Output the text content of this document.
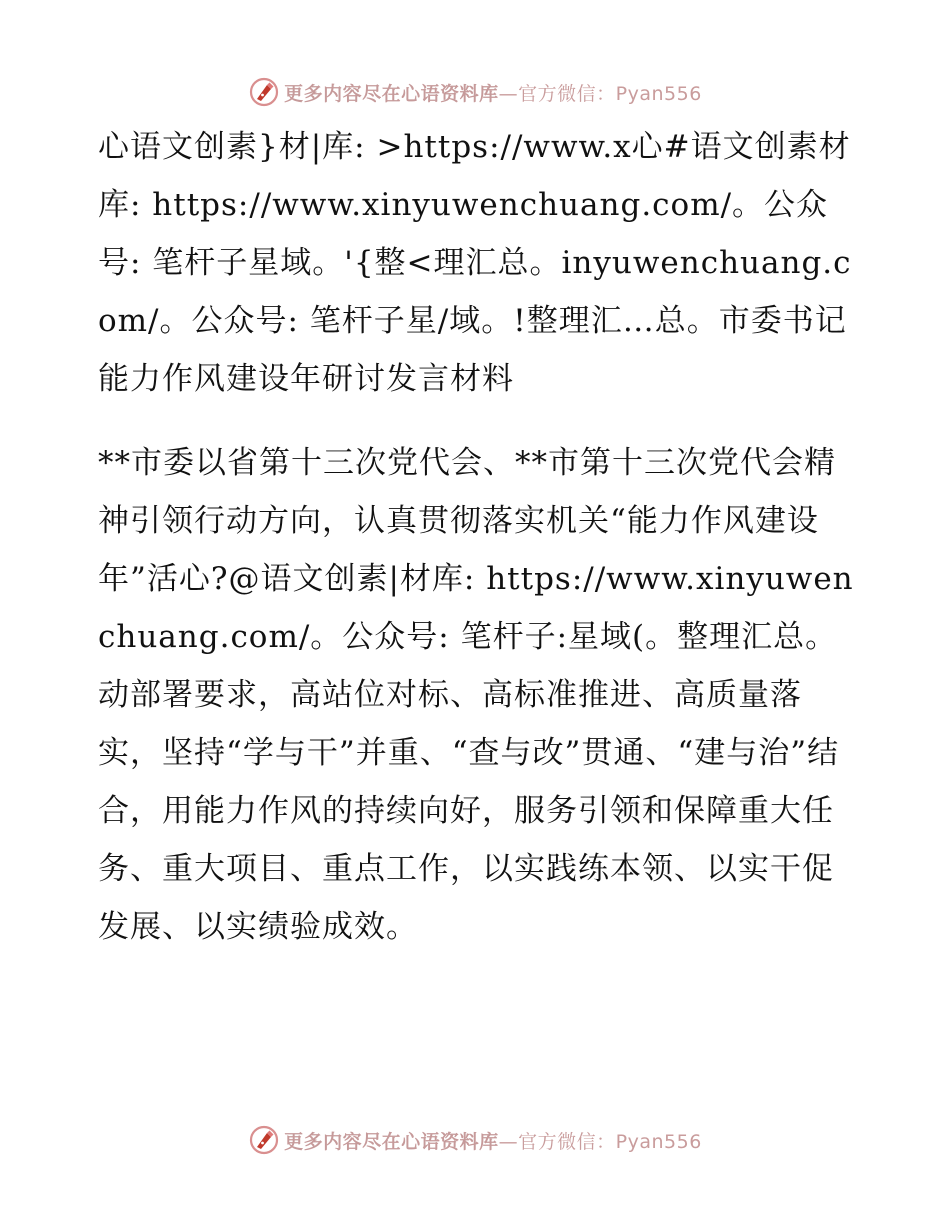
更多内容尽在心语资料库—官方微信：Pyan556

心语文创素}材|库: >https://www.x心#语文创素材库: https://www.xinyuwenchuang.com/。公众号: 笔杆子星域。'{整<理汇总。inyuwenchuang.com/。公众号: 笔杆子星/域。!整理汇…总。市委书记能力作风建设年研讨发言材料

**市委以省第十三次党代会、**市第十三次党代会精神引领行动方向，认真贯彻落实机关“能力作风建设年”活心?@语文创素|材库: https://www.xinyuwenchuang.com/。公众号: 笔杆子:星域(。整理汇总。动部署要求，高站位对标、高标准推进、高质量落实，坚持“学与干”并重、“查与改”贯通、“建与治”结合，用能力作风的持续向好，服务引领和保障重大任务、重大项目、重点工作，以实践练本领、以实干促发展、以实绩验成效。

更多内容尽在心语资料库—官方微信：Pyan556
